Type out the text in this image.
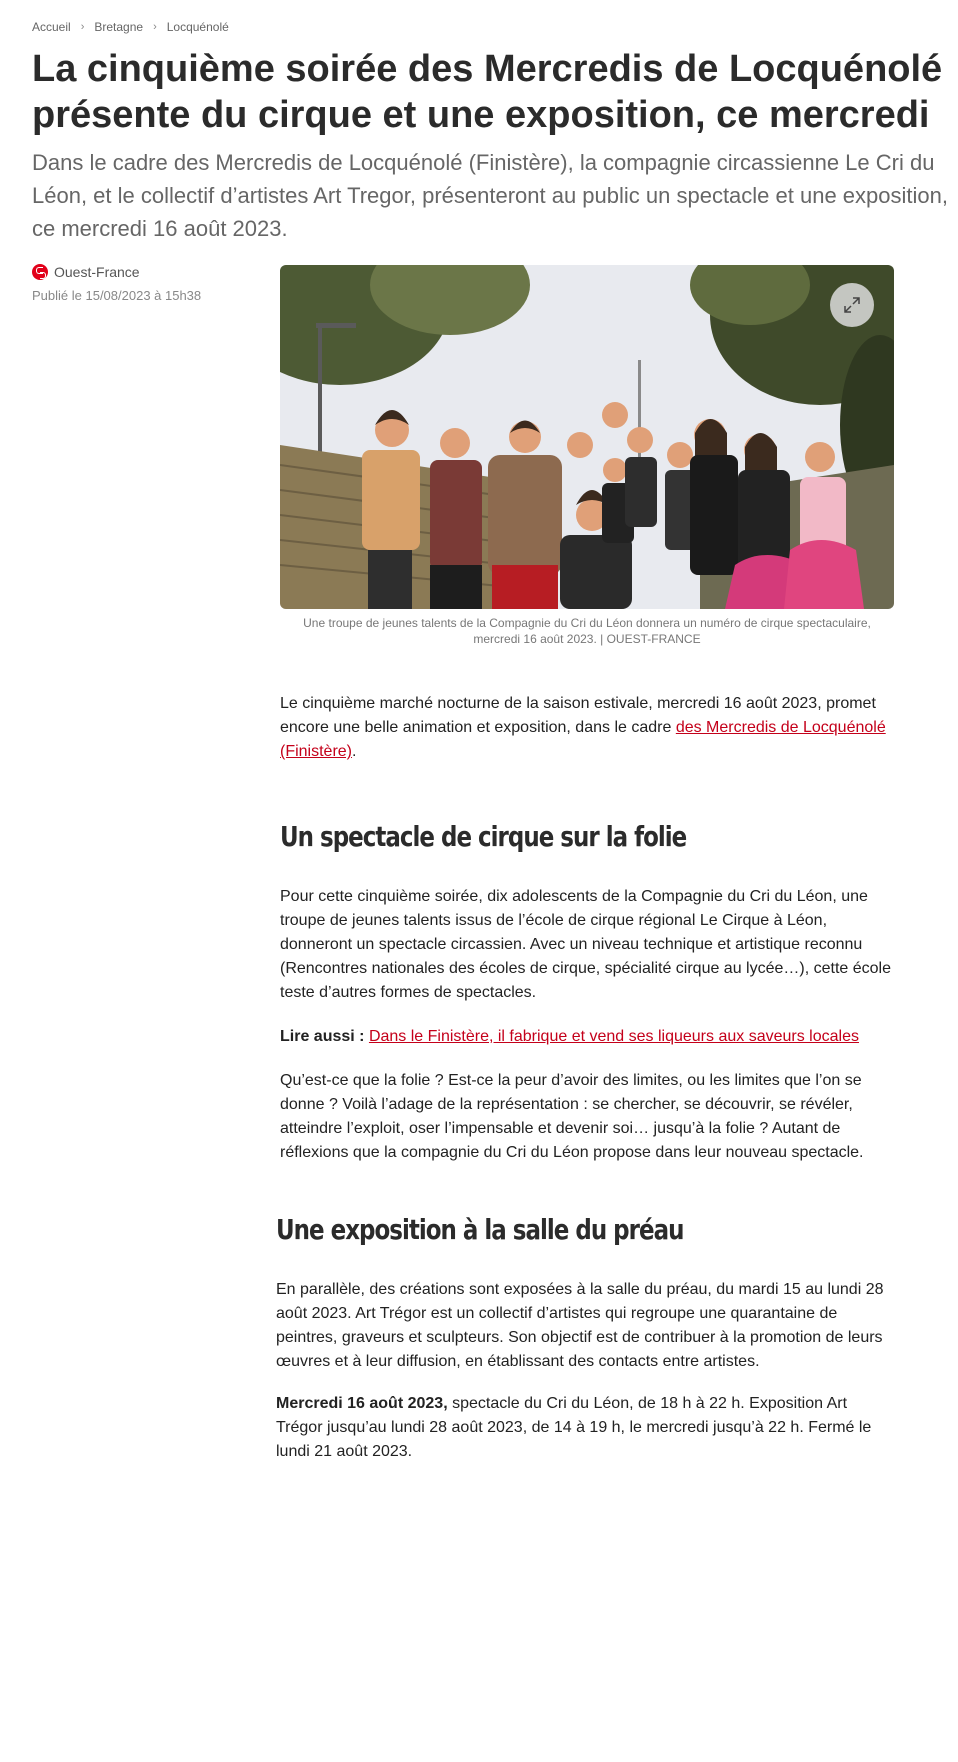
Accueil › Bretagne › Locquénolé
La cinquième soirée des Mercredis de Locquénolé présente du cirque et une exposition, ce mercredi

Dans le cadre des Mercredis de Locquénolé (Finistère), la compagnie circassienne Le Cri du Léon, et le collectif d’artistes Art Tregor, présenteront au public un spectacle et une exposition, ce mercredi 16 août 2023.

Ouest-France
Publié le 15/08/2023 à 15h38
Une troupe de jeunes talents de la Compagnie du Cri du Léon donnera un numéro de cirque spectaculaire, mercredi 16 août 2023. | OUEST-FRANCE

Le cinquième marché nocturne de la saison estivale, mercredi 16 août 2023, promet encore une belle animation et exposition, dans le cadre des Mercredis de Locquénolé (Finistère).

Un spectacle de cirque sur la folie

Pour cette cinquième soirée, dix adolescents de la Compagnie du Cri du Léon, une troupe de jeunes talents issus de l’école de cirque régional Le Cirque à Léon, donneront un spectacle circassien. Avec un niveau technique et artistique reconnu (Rencontres nationales des écoles de cirque, spécialité cirque au lycée…), cette école teste d’autres formes de spectacles.

Lire aussi : Dans le Finistère, il fabrique et vend ses liqueurs aux saveurs locales

Qu’est-ce que la folie ? Est-ce la peur d’avoir des limites, ou les limites que l’on se donne ? Voilà l’adage de la représentation : se chercher, se découvrir, se révéler, atteindre l’exploit, oser l’impensable et devenir soi… jusqu’à la folie ? Autant de réflexions que la compagnie du Cri du Léon propose dans leur nouveau spectacle.

Une exposition à la salle du préau

En parallèle, des créations sont exposées à la salle du préau, du mardi 15 au lundi 28 août 2023. Art Trégor est un collectif d’artistes qui regroupe une quarantaine de peintres, graveurs et sculpteurs. Son objectif est de contribuer à la promotion de leurs œuvres et à leur diffusion, en établissant des contacts entre artistes.

Mercredi 16 août 2023, spectacle du Cri du Léon, de 18 h à 22 h. Exposition Art Trégor jusqu’au lundi 28 août 2023, de 14 à 19 h, le mercredi jusqu’à 22 h. Fermé le lundi 21 août 2023.
